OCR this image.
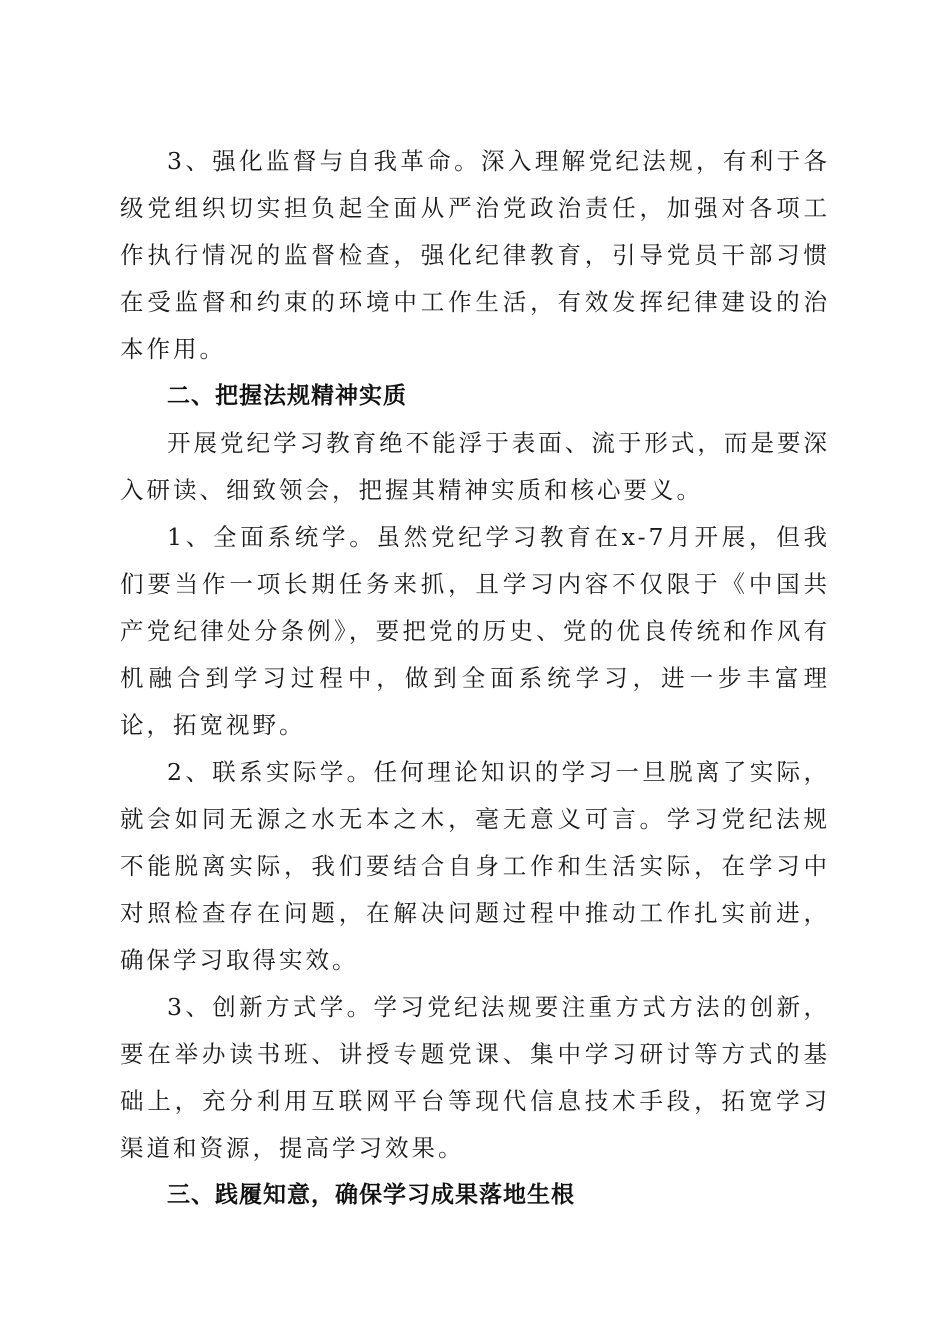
3、强化监督与自我革命。深入理解党纪法规，有利于各级党组织切实担负起全面从严治党政治责任，加强对各项工作执行情况的监督检查，强化纪律教育，引导党员干部习惯在受监督和约束的环境中工作生活，有效发挥纪律建设的治本作用。

二、把握法规精神实质

开展党纪学习教育绝不能浮于表面、流于形式，而是要深入研读、细致领会，把握其精神实质和核心要义。

1、全面系统学。虽然党纪学习教育在x-7月开展，但我们要当作一项长期任务来抓，且学习内容不仅限于《中国共产党纪律处分条例》，要把党的历史、党的优良传统和作风有机融合到学习过程中，做到全面系统学习，进一步丰富理论，拓宽视野。

2、联系实际学。任何理论知识的学习一旦脱离了实际，就会如同无源之水无本之木，毫无意义可言。学习党纪法规不能脱离实际，我们要结合自身工作和生活实际，在学习中对照检查存在问题，在解决问题过程中推动工作扎实前进，确保学习取得实效。

3、创新方式学。学习党纪法规要注重方式方法的创新，要在举办读书班、讲授专题党课、集中学习研讨等方式的基础上，充分利用互联网平台等现代信息技术手段，拓宽学习渠道和资源，提高学习效果。

三、践履知意，确保学习成果落地生根
